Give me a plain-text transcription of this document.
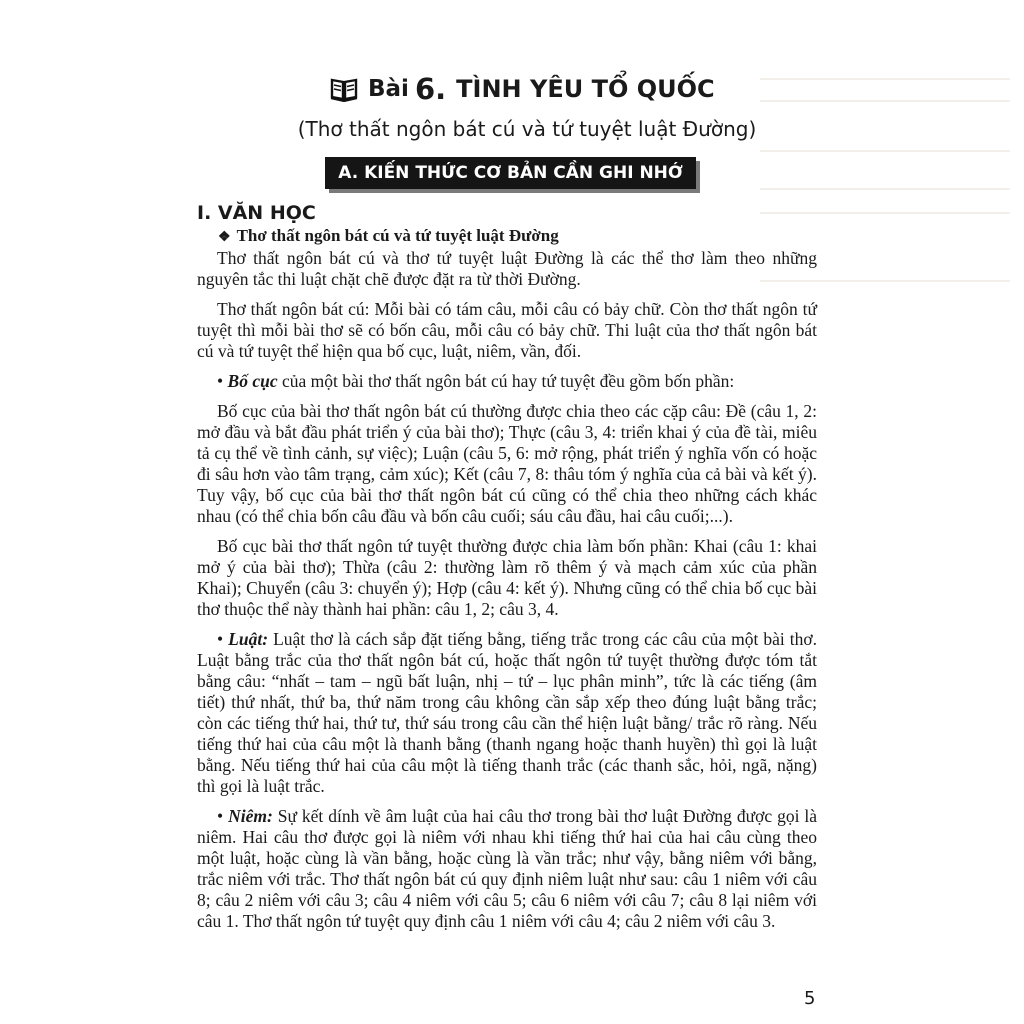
Bài 6. TÌNH YÊU TỔ QUỐC
(Thơ thất ngôn bát cú và tứ tuyệt luật Đường)
A. KIẾN THỨC CƠ BẢN CẦN GHI NHỚ
I. VĂN HỌC
❖ Thơ thất ngôn bát cú và tứ tuyệt luật Đường

Thơ thất ngôn bát cú và thơ tứ tuyệt luật Đường là các thể thơ làm theo những nguyên tắc thi luật chặt chẽ được đặt ra từ thời Đường.

Thơ thất ngôn bát cú: Mỗi bài có tám câu, mỗi câu có bảy chữ. Còn thơ thất ngôn tứ tuyệt thì mỗi bài thơ sẽ có bốn câu, mỗi câu có bảy chữ. Thi luật của thơ thất ngôn bát cú và tứ tuyệt thể hiện qua bố cục, luật, niêm, vần, đối.

• Bố cục của một bài thơ thất ngôn bát cú hay tứ tuyệt đều gồm bốn phần:

Bố cục của bài thơ thất ngôn bát cú thường được chia theo các cặp câu: Đề (câu 1, 2: mở đầu và bắt đầu phát triển ý của bài thơ); Thực (câu 3, 4: triển khai ý của đề tài, miêu tả cụ thể về tình cảnh, sự việc); Luận (câu 5, 6: mở rộng, phát triển ý nghĩa vốn có hoặc đi sâu hơn vào tâm trạng, cảm xúc); Kết (câu 7, 8: thâu tóm ý nghĩa của cả bài và kết ý). Tuy vậy, bố cục của bài thơ thất ngôn bát cú cũng có thể chia theo những cách khác nhau (có thể chia bốn câu đầu và bốn câu cuối; sáu câu đầu, hai câu cuối;...).

Bố cục bài thơ thất ngôn tứ tuyệt thường được chia làm bốn phần: Khai (câu 1: khai mở ý của bài thơ); Thừa (câu 2: thường làm rõ thêm ý và mạch cảm xúc của phần Khai); Chuyển (câu 3: chuyển ý); Hợp (câu 4: kết ý). Nhưng cũng có thể chia bố cục bài thơ thuộc thể này thành hai phần: câu 1, 2; câu 3, 4.

• Luật: Luật thơ là cách sắp đặt tiếng bằng, tiếng trắc trong các câu của một bài thơ. Luật bằng trắc của thơ thất ngôn bát cú, hoặc thất ngôn tứ tuyệt thường được tóm tắt bằng câu: “nhất – tam – ngũ bất luận, nhị – tứ – lục phân minh”, tức là các tiếng (âm tiết) thứ nhất, thứ ba, thứ năm trong câu không cần sắp xếp theo đúng luật bằng trắc; còn các tiếng thứ hai, thứ tư, thứ sáu trong câu cần thể hiện luật bằng/ trắc rõ ràng. Nếu tiếng thứ hai của câu một là thanh bằng (thanh ngang hoặc thanh huyền) thì gọi là luật bằng. Nếu tiếng thứ hai của câu một là tiếng thanh trắc (các thanh sắc, hỏi, ngã, nặng) thì gọi là luật trắc.

• Niêm: Sự kết dính về âm luật của hai câu thơ trong bài thơ luật Đường được gọi là niêm. Hai câu thơ được gọi là niêm với nhau khi tiếng thứ hai của hai câu cùng theo một luật, hoặc cùng là vần bằng, hoặc cùng là vần trắc; như vậy, bằng niêm với bằng, trắc niêm với trắc. Thơ thất ngôn bát cú quy định niêm luật như sau: câu 1 niêm với câu 8; câu 2 niêm với câu 3; câu 4 niêm với câu 5; câu 6 niêm với câu 7; câu 8 lại niêm với câu 1. Thơ thất ngôn tứ tuyệt quy định câu 1 niêm với câu 4; câu 2 niêm với câu 3.

5
